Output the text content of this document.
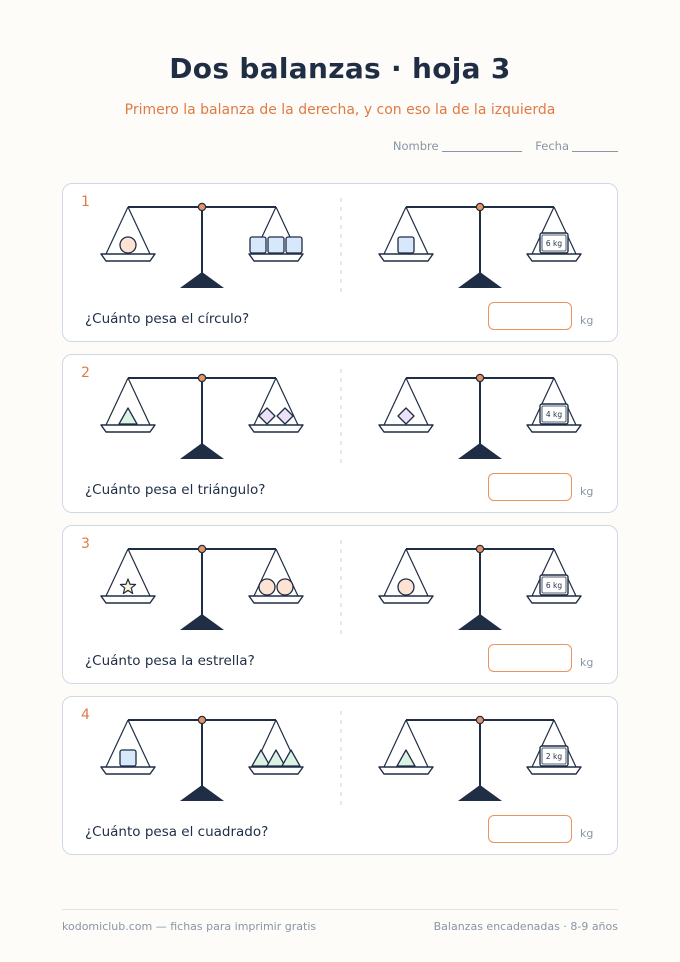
Dos balanzas · hoja 3
Primero la balanza de la derecha, y con eso la de la izquierda
Nombre	Fecha
1
6 kg
¿Cuánto pesa el círculo?	kg
2
4 kg
¿Cuánto pesa el triángulo?	kg
3
6 kg
¿Cuánto pesa la estrella?	kg
4
2 kg
¿Cuánto pesa el cuadrado?	kg
kodomiclub.com — fichas para imprimir gratis	Balanzas encadenadas · 8-9 años
